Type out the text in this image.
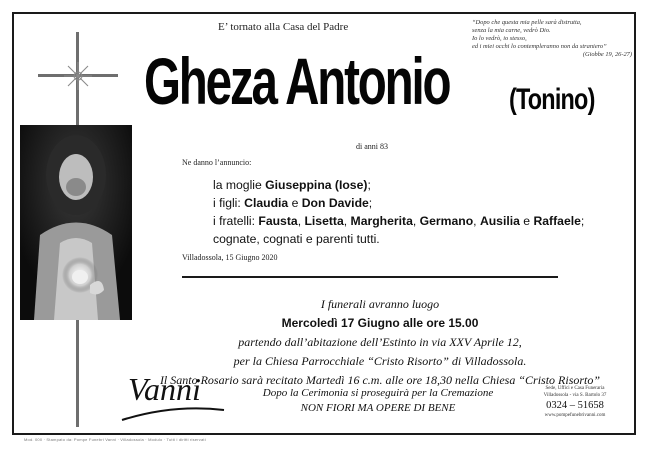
E’ tornato alla Casa del Padre	“Dopo che questa mia pelle sarà distrutta,
senza la mia carne, vedrò Dio.
Io lo vedrò, io stesso,
ed i miei occhi lo contempleranno non da straniero”
(Giobbe 19, 26-27)
Gheza Antonio (Tonino)
di anni 83
Ne danno l’annuncio:
la moglie Giuseppina (Iose);
i figli: Claudia e Don Davide;
i fratelli: Fausta, Lisetta, Margherita, Germano, Ausilia e Raffaele;
cognate, cognati e parenti tutti.
Villadossola, 15 Giugno 2020
I funerali avranno luogo
Mercoledì 17 Giugno alle ore 15.00
partendo dall’abitazione dell’Estinto in via XXV Aprile 12,
per la Chiesa Parrocchiale “Cristo Risorto” di Villadossola.
Il Santo Rosario sarà recitato Martedì 16 c.m. alle ore 18,30 nella Chiesa “Cristo Risorto”
Vanni	Dopo la Cerimonia si proseguirà per la Cremazione
NON FIORI MA OPERE DI BENE
Sede, Uffici e Casa Funeraria
Villadossola - via S. Bartolo 37
0324 – 51658
www.pompefunebrivanni.com
Mod. 000 · Stampato da: Pompe Funebri Vanni · Villadossola · Modulo · Tutti i diritti riservati
